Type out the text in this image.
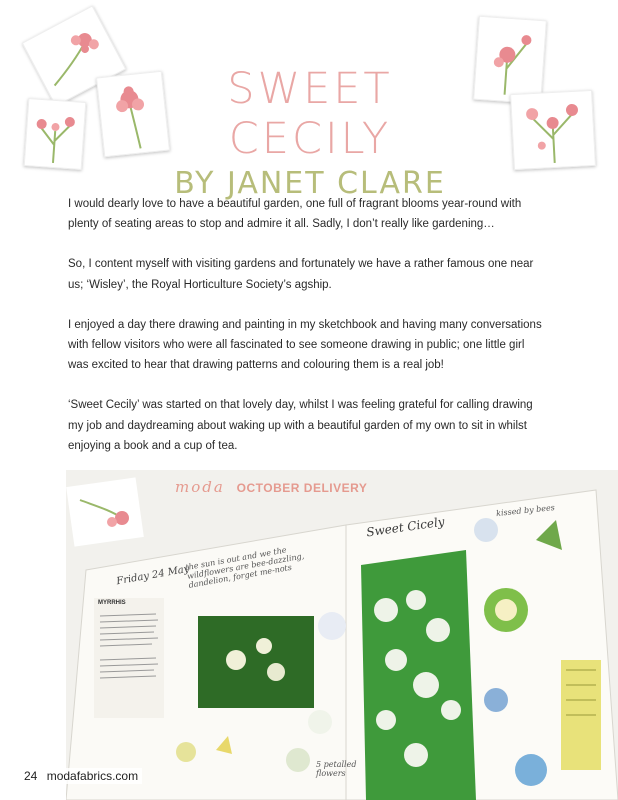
SWEET CECILY
BY JANET CLARE

I would dearly love to have a beautiful garden, one full of fragrant blooms year-round with plenty of seating areas to stop and admire it all. Sadly, I don’t really like gardening…

So, I content myself with visiting gardens and fortunately we have a rather famous one near us; ‘Wisley’, the Royal Horticulture Society’s agship.

I enjoyed a day there drawing and painting in my sketchbook and having many conversations with fellow visitors who were all fascinated to see someone drawing in public; one little girl was excited to hear that drawing patterns and colouring them is a real job!

‘Sweet Cecily’ was started on that lovely day, whilst I was feeling grateful for calling drawing my job and daydreaming about waking up with a beautiful garden of my own to sit in whilst enjoying a book and a cup of tea.

Friday 24 May
the sun is out and we the wildflowers are bee-dazzling, dandelion, forget me-nots
Sweet Cicely
kissed by bees
MYRRHIS
5 petalled flowers
moda OCTOBER DELIVERY
24 modafabrics.com
